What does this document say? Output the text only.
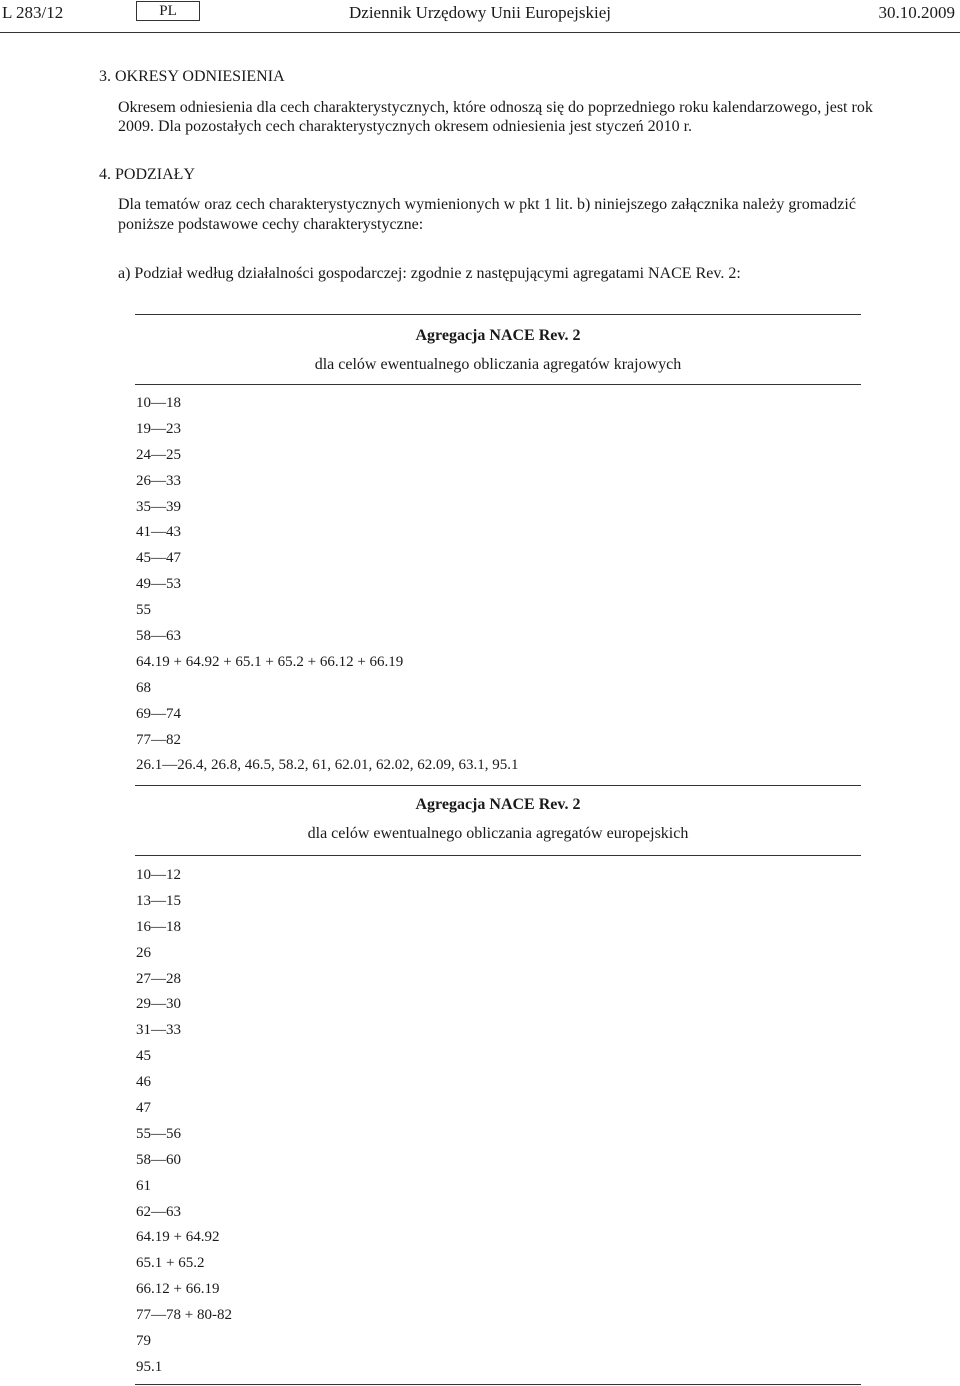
L 283/12	PL	Dziennik Urzędowy Unii Europejskiej	30.10.2009
3. OKRESY ODNIESIENIA
Okresem odniesienia dla cech charakterystycznych, które odnoszą się do poprzedniego roku kalendarzowego, jest rok
2009. Dla pozostałych cech charakterystycznych okresem odniesienia jest styczeń 2010 r.
4. PODZIAŁY
Dla tematów oraz cech charakterystycznych wymienionych w pkt 1 lit. b) niniejszego załącznika należy gromadzić
poniższe podstawowe cechy charakterystyczne:
a) Podział według działalności gospodarczej: zgodnie z następującymi agregatami NACE Rev. 2:
Agregacja NACE Rev. 2
dla celów ewentualnego obliczania agregatów krajowych
10—18
19—23
24—25
26—33
35—39
41—43
45—47
49—53
55
58—63
64.19 + 64.92 + 65.1 + 65.2 + 66.12 + 66.19
68
69—74
77—82
26.1—26.4, 26.8, 46.5, 58.2, 61, 62.01, 62.02, 62.09, 63.1, 95.1
Agregacja NACE Rev. 2
dla celów ewentualnego obliczania agregatów europejskich
10—12
13—15
16—18
26
27—28
29—30
31—33
45
46
47
55—56
58—60
61
62—63
64.19 + 64.92
65.1 + 65.2
66.12 + 66.19
77—78 + 80-82
79
95.1
